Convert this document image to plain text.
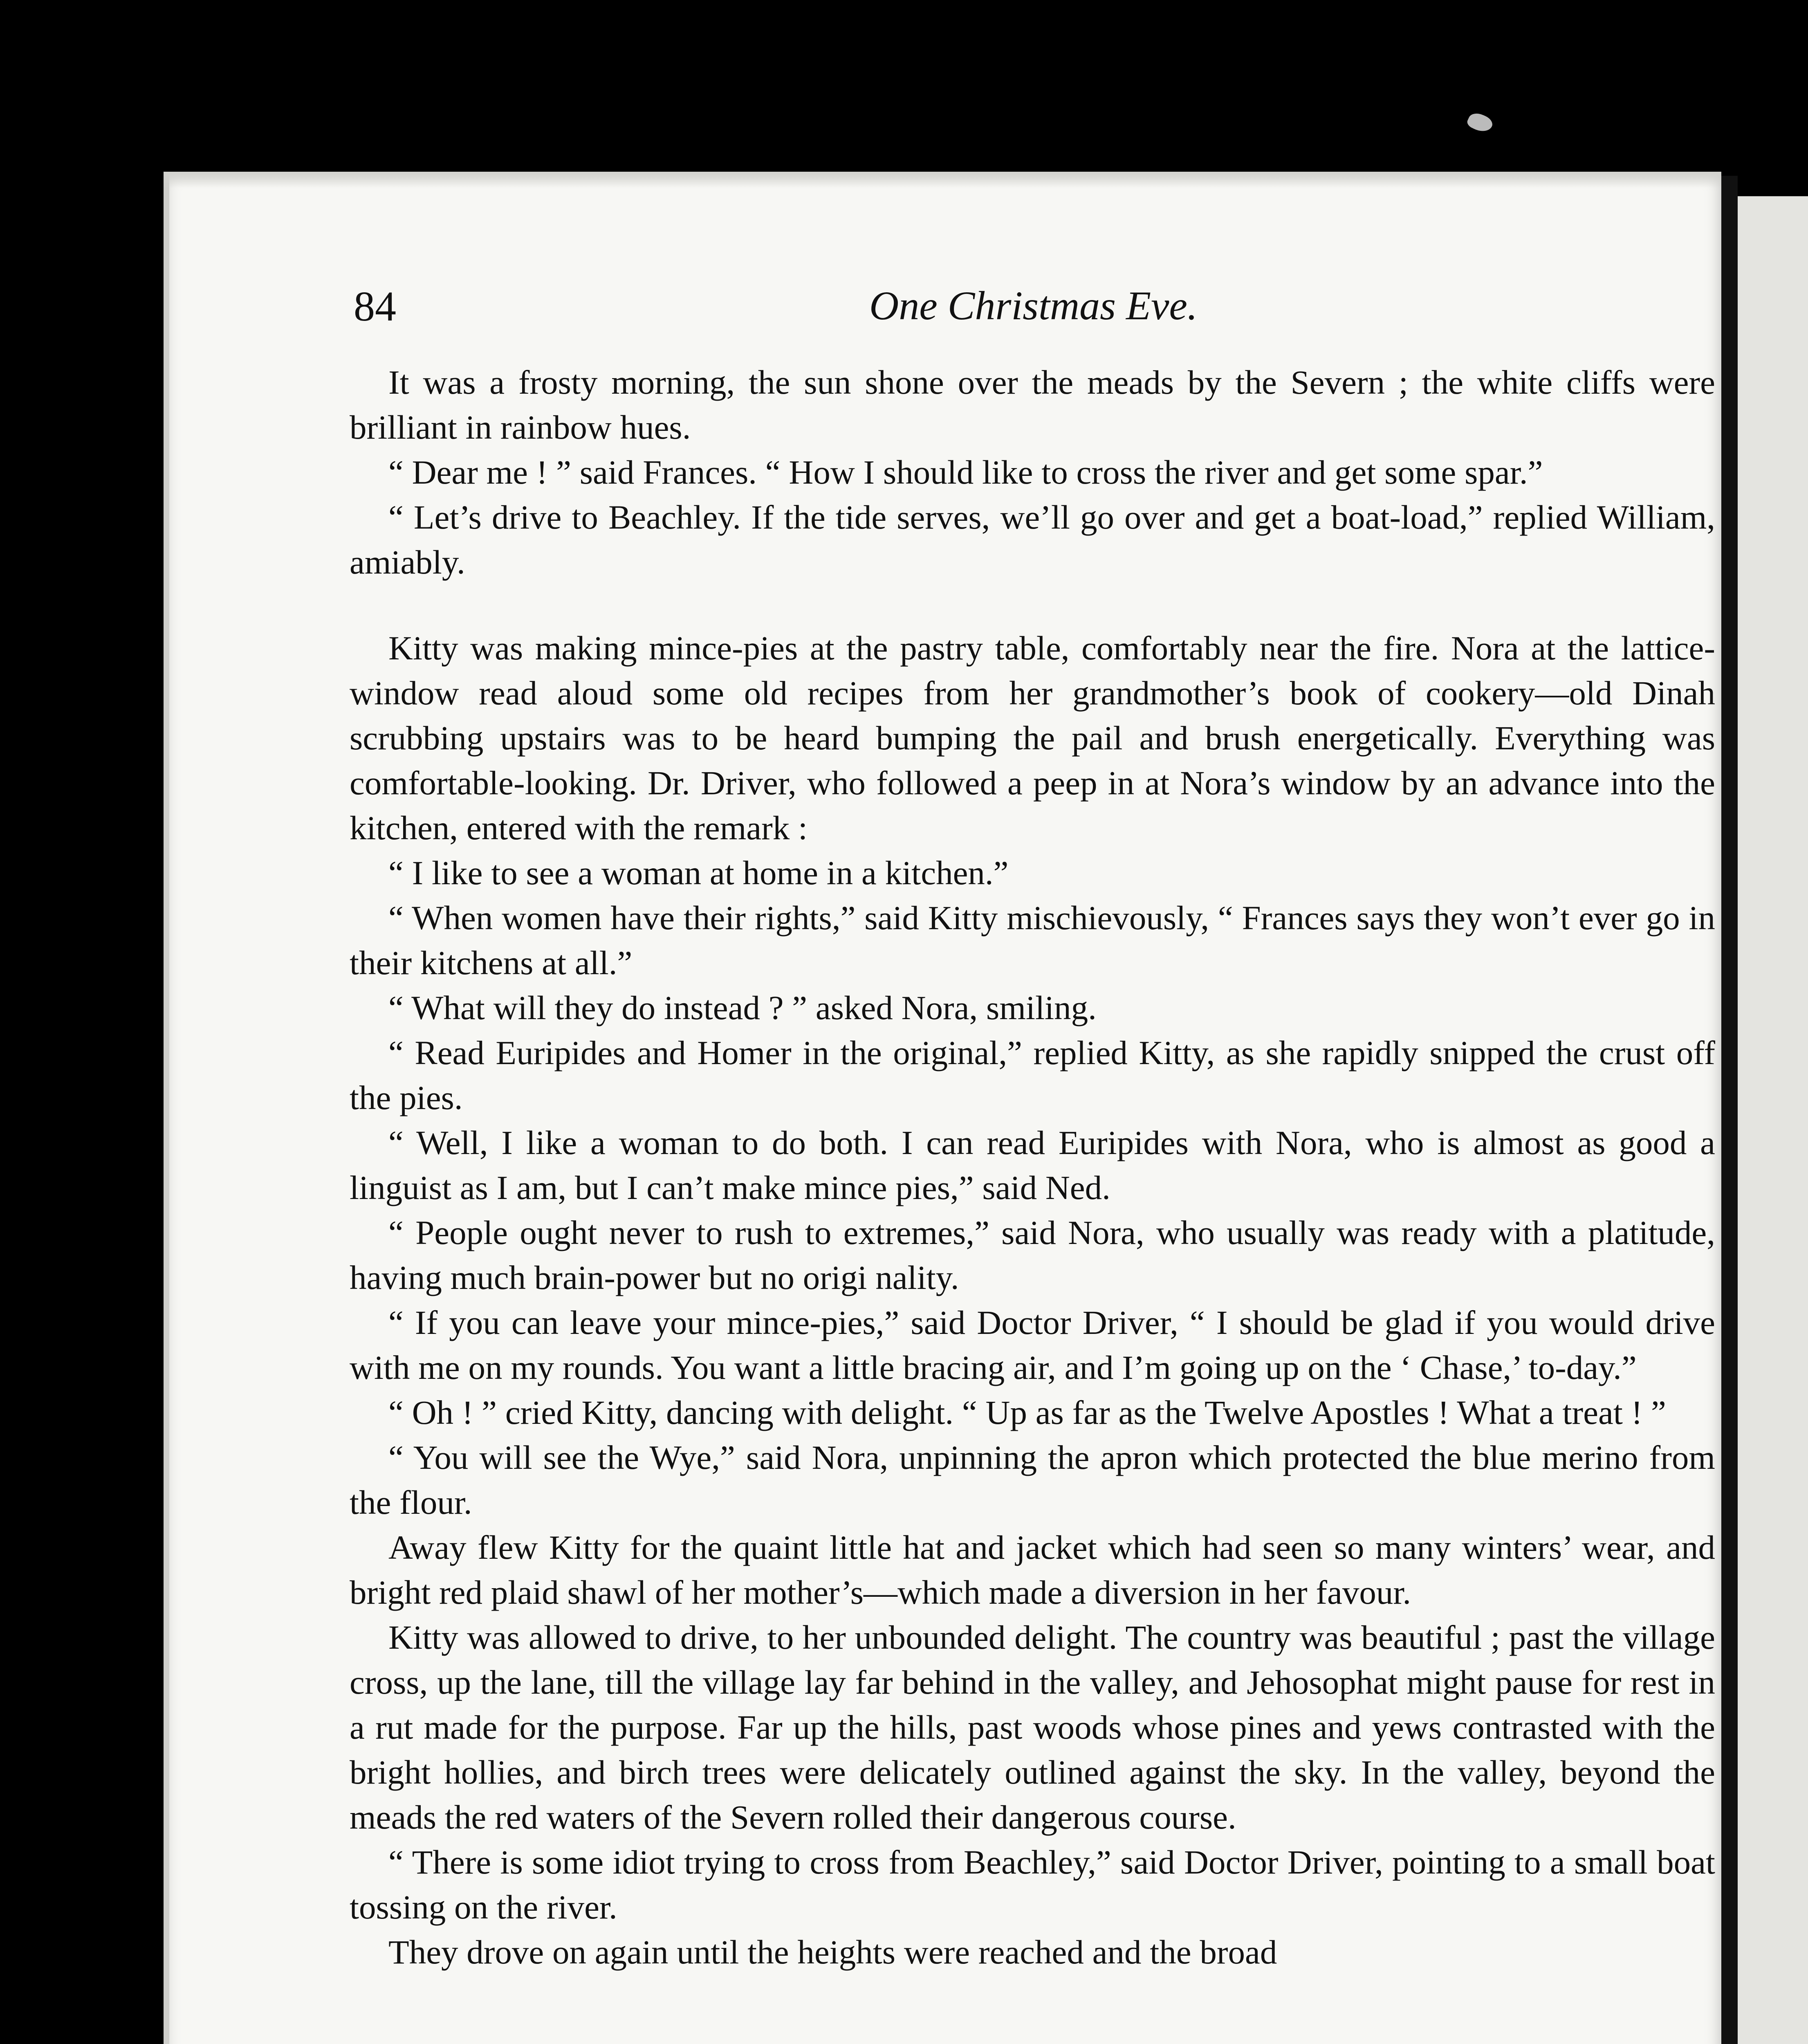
84	One Christmas Eve.

It was a frosty morning, the sun shone over the meads by the Severn ; the white cliffs were brilliant in rainbow hues.

“ Dear me ! ” said Frances. “ How I should like to cross the river and get some spar.”

“ Let’s drive to Beachley. If the tide serves, we’ll go over and get a boat-load,” replied William, amiably.

Kitty was making mince-pies at the pastry table, comfortably near the fire. Nora at the lattice-window read aloud some old recipes from her grandmother’s book of cookery—old Dinah scrubbing upstairs was to be heard bumping the pail and brush energetically. Everything was comfortable-looking. Dr. Driver, who followed a peep in at Nora’s window by an advance into the kitchen, entered with the remark :

“ I like to see a woman at home in a kitchen.”

“ When women have their rights,” said Kitty mischievously, “ Frances says they won’t ever go in their kitchens at all.”

“ What will they do instead ? ” asked Nora, smiling.

“ Read Euripides and Homer in the original,” replied Kitty, as she rapidly snipped the crust off the pies.

“ Well, I like a woman to do both. I can read Euripides with Nora, who is almost as good a linguist as I am, but I can’t make mince pies,” said Ned.

“ People ought never to rush to extremes,” said Nora, who usually was ready with a platitude, having much brain-power but no origi nality.

“ If you can leave your mince-pies,” said Doctor Driver, “ I should be glad if you would drive with me on my rounds. You want a little bracing air, and I’m going up on the ‘ Chase,’ to-day.”

“ Oh ! ” cried Kitty, dancing with delight. “ Up as far as the Twelve Apostles ! What a treat ! ”

“ You will see the Wye,” said Nora, unpinning the apron which protected the blue merino from the flour.

Away flew Kitty for the quaint little hat and jacket which had seen so many winters’ wear, and bright red plaid shawl of her mother’s—which made a diversion in her favour.

Kitty was allowed to drive, to her unbounded delight. The country was beautiful ; past the village cross, up the lane, till the village lay far behind in the valley, and Jehosophat might pause for rest in a rut made for the purpose. Far up the hills, past woods whose pines and yews contrasted with the bright hollies, and birch trees were delicately outlined against the sky. In the valley, beyond the meads the red waters of the Severn rolled their dangerous course.

“ There is some idiot trying to cross from Beachley,” said Doctor Driver, pointing to a small boat tossing on the river.

They drove on again until the heights were reached and the broad
